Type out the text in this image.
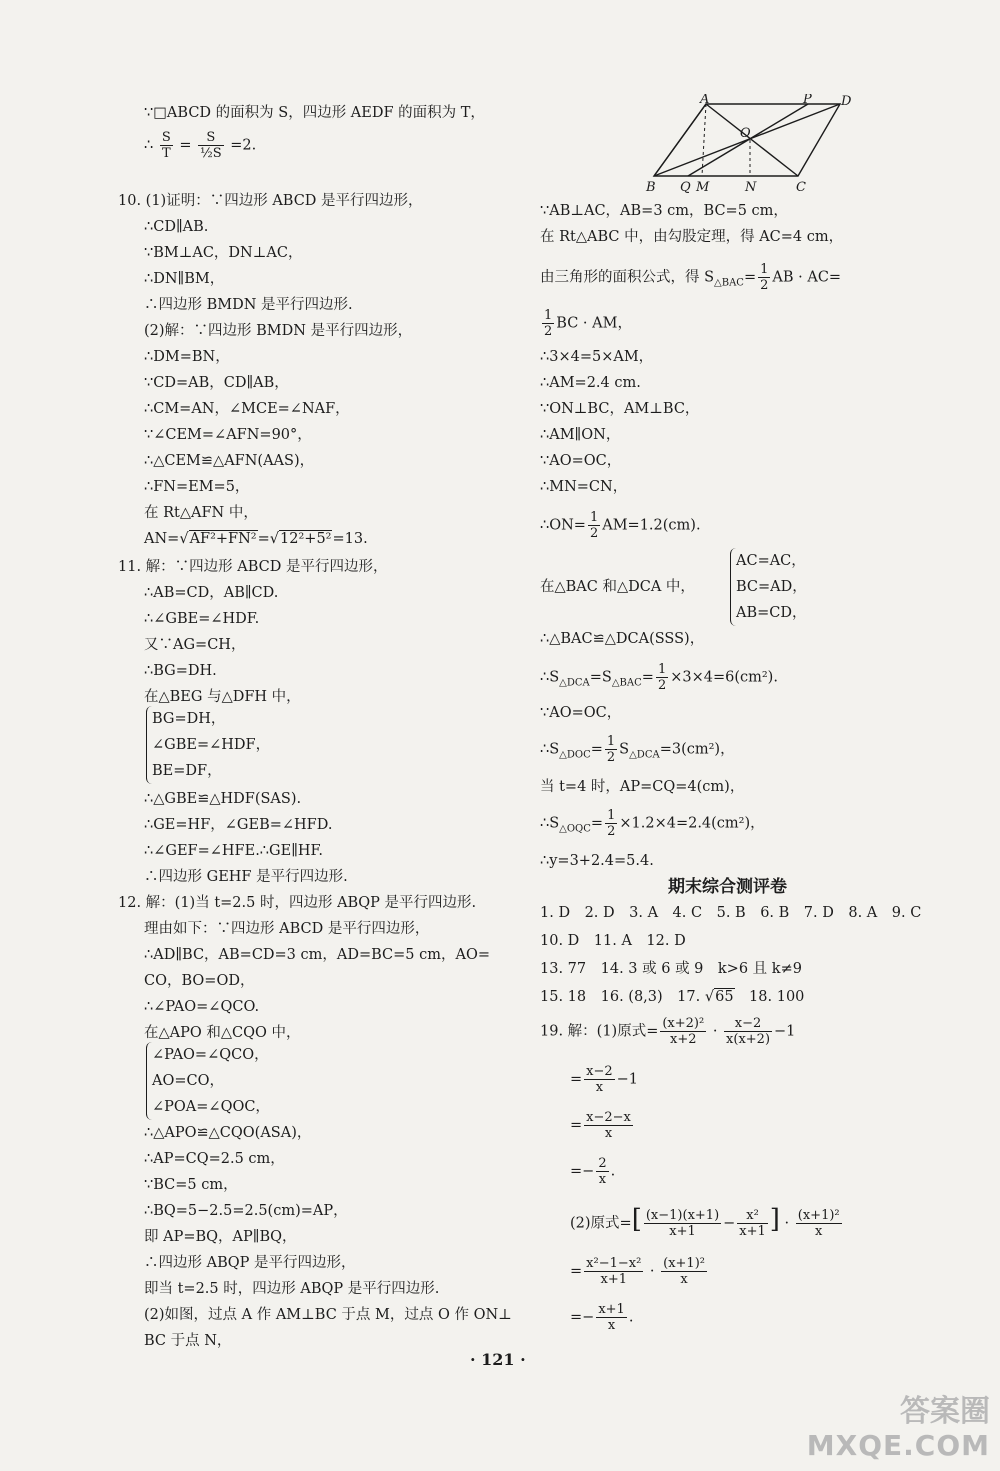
∵□ABCD 的面积为 S，四边形 AEDF 的面积为 T，
∴ $\frac{S}{T} = \frac{S}{\text{½S}} =2$.
10. (1)证明：∵四边形 ABCD 是平行四边形，
∴CD∥AB.
∵BM⊥AC，DN⊥AC，
∴DN∥BM，
∴四边形 BMDN 是平行四边形.
(2)解：∵四边形 BMDN 是平行四边形，
∴DM=BN，
∵CD=AB，CD∥AB，
∴CM=AN，∠MCE=∠NAF，
∵∠CEM=∠AFN=90°，
∴△CEM≌△AFN(AAS)，
∴FN=EM=5，
在 Rt△AFN 中，
AN=√AF²+FN²=√12²+5²=13.
11. 解：∵四边形 ABCD 是平行四边形，
∴AB=CD，AB∥CD.
∴∠GBE=∠HDF.
又∵AG=CH，
∴BG=DH.
在△BEG 与△DFH 中，
BG=DH，
∠GBE=∠HDF，
BE=DF，
∴△GBE≌△HDF(SAS).
∴GE=HF，∠GEB=∠HFD.
∴∠GEF=∠HFE.∴GE∥HF.
∴四边形 GEHF 是平行四边形.
12. 解：(1)当 t=2.5 时，四边形 ABQP 是平行四边形.
理由如下：∵四边形 ABCD 是平行四边形，
∴AD∥BC，AB=CD=3 cm，AD=BC=5 cm，AO=
CO，BO=OD，
∴∠PAO=∠QCO.
在△APO 和△CQO 中，
∠PAO=∠QCO，
AO=CO，
∠POA=∠QOC，
∴△APO≌△CQO(ASA)，
∴AP=CQ=2.5 cm，
∵BC=5 cm，
∴BQ=5−2.5=2.5(cm)=AP，
即 AP=BQ，AP∥BQ，
∴四边形 ABQP 是平行四边形，
即当 t=2.5 时，四边形 ABQP 是平行四边形.
(2)如图，过点 A 作 AM⊥BC 于点 M，过点 O 作 ON⊥
BC 于点 N，
A	P D
O
B Q M	N	C
∵AB⊥AC，AB=3 cm，BC=5 cm，
在 Rt△ABC 中，由勾股定理，得 AC=4 cm，
由三角形的面积公式，得 $S_{\triangle BAC}= \frac{1}{2}$ AB · AC=
$\frac{1}{2}$ BC · AM，
∴3×4=5×AM，
∴AM=2.4 cm.
∵ON⊥BC，AM⊥BC，
∴AM∥ON，
∵AO=OC，
∴MN=CN，
∴ON= $\frac{1}{2} AM=1.2(cm)$.
在△BAC 和△DCA 中，
AC=AC，
BC=AD，
AB=CD，
∴△BAC≌△DCA(SSS)，
$\therefore S_{\triangle DCA}=S_{\triangle BAC}= \frac{1}{2} \times 3\times 4=6(cm^2)$.
∵AO=OC，
$\therefore S_{\triangle DOC}= \frac{1}{2} S_{\triangle DCA}=3(cm^2)$，
当 t=4 时，AP=CQ=4(cm)，
$\therefore S_{\triangle OQC}= \frac{1}{2} \times 1.2\times 4=2.4(cm^2)$，
∴y=3+2.4=5.4.
期末综合测评卷
1. D　2. D　3. A　4. C　5. B　6. B　7. D　8. A　9. C
10. D　11. A　12. D
13. 77　14. 3 或 6 或 9　k>6 且 k≠9
15. 18　16. (8,3)　17. √65　18. 100
19. 解：(1)原式= $\frac{\text{(x+2)²}}{x+2} \cdot \frac{x-2}{x(x+2)} -1$
= $\frac{x-2}{x} -1$
= $\frac{x-2-x}{x}$
=− $\frac{2}{x}$ .
(2)原式=[ $\frac{(x-1)(x+1)}{x+1} - \frac{\text{x²}}{x+1}$ ] · $\frac{\text{(x+1)²}}{x}$
= $\frac{\text{x²−1−x²}}{x+1} \cdot \frac{\text{(x+1)²}}{x}$
=− $\frac{x+1}{x}$ .
· 121 ·
答案圈
MXQE.COM
